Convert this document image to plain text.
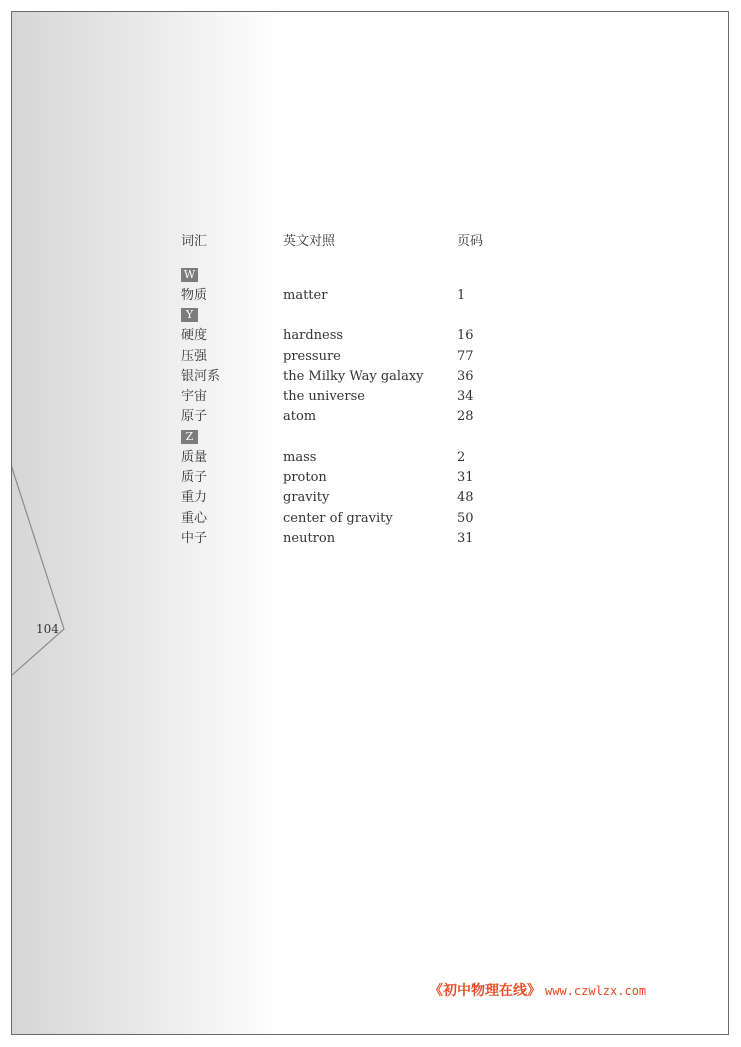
104
词汇	英文对照	页码
W
物质	matter	1
Y
硬度	hardness	16
压强	pressure	77
银河系	the Milky Way galaxy	36
宇宙	the universe	34
原子	atom	28
Z
质量	mass	2
质子	proton	31
重力	gravity	48
重心	center of gravity	50
中子	neutron	31
《初中物理在线》 www.czwlzx.com
